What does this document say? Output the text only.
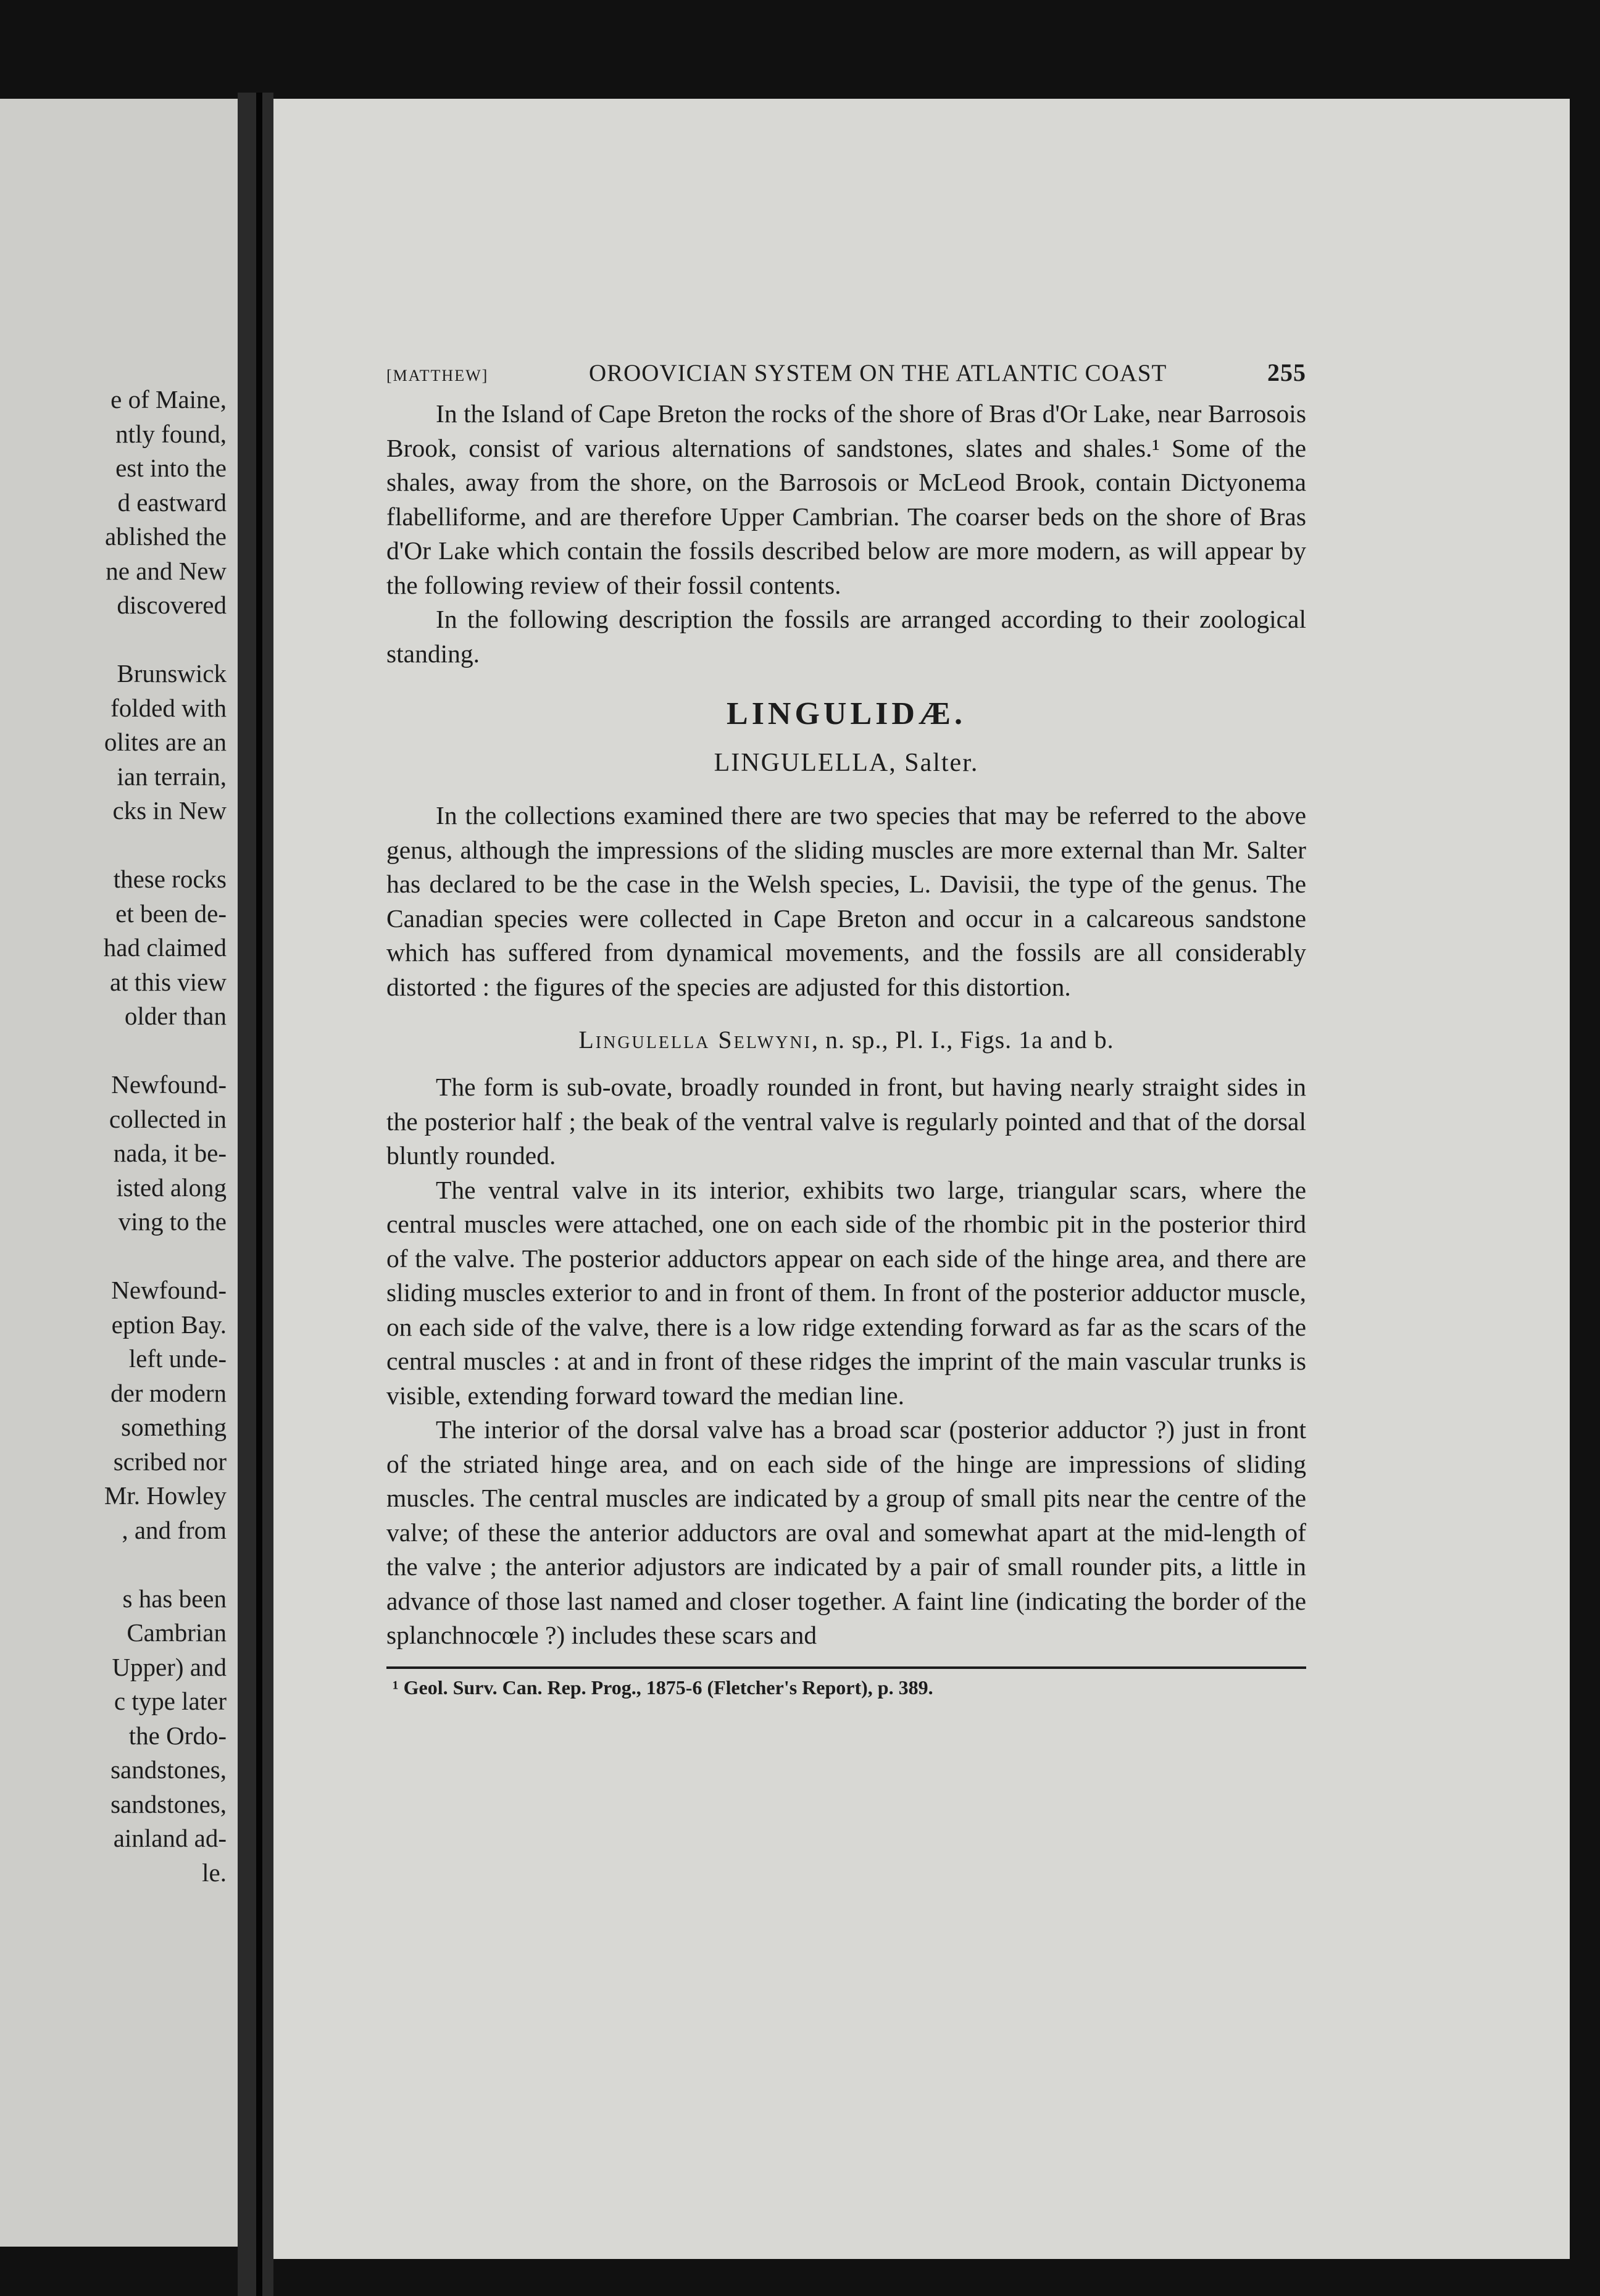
e of Maine,
ntly found,
est into the
d eastward
ablished the
ne and New
discovered
Brunswick
folded with
olites are an
ian terrain,
cks in New
these rocks
et been de-
had claimed
at this view
older than
Newfound-
collected in
nada, it be-
isted along
ving to the
Newfound-
eption Bay.
left unde-
der modern
something
scribed nor
Mr. Howley
, and from
s has been
Cambrian
Upper) and
c type later
the Ordo-
sandstones,
sandstones,
ainland ad-
le.
[MATTHEW]	OROOVICIAN SYSTEM ON THE ATLANTIC COAST	255

In the Island of Cape Breton the rocks of the shore of Bras d'Or Lake, near Barrosois Brook, consist of various alternations of sandstones, slates and shales.¹ Some of the shales, away from the shore, on the Barrosois or McLeod Brook, contain Dictyonema flabelliforme, and are therefore Upper Cambrian. The coarser beds on the shore of Bras d'Or Lake which contain the fossils described below are more modern, as will appear by the following review of their fossil contents.

In the following description the fossils are arranged according to their zoological standing.

LINGULIDÆ.
LINGULELLA, Salter.

In the collections examined there are two species that may be referred to the above genus, although the impressions of the sliding muscles are more external than Mr. Salter has declared to be the case in the Welsh species, L. Davisii, the type of the genus. The Canadian species were collected in Cape Breton and occur in a calcareous sandstone which has suffered from dynamical movements, and the fossils are all considerably distorted : the figures of the species are adjusted for this distortion.

Lingulella Selwyni, n. sp., Pl. I., Figs. 1a and b.

The form is sub-ovate, broadly rounded in front, but having nearly straight sides in the posterior half ; the beak of the ventral valve is regularly pointed and that of the dorsal bluntly rounded.

The ventral valve in its interior, exhibits two large, triangular scars, where the central muscles were attached, one on each side of the rhombic pit in the posterior third of the valve. The posterior adductors appear on each side of the hinge area, and there are sliding muscles exterior to and in front of them. In front of the posterior adductor muscle, on each side of the valve, there is a low ridge extending forward as far as the scars of the central muscles : at and in front of these ridges the imprint of the main vascular trunks is visible, extending forward toward the median line.

The interior of the dorsal valve has a broad scar (posterior adductor ?) just in front of the striated hinge area, and on each side of the hinge are impressions of sliding muscles. The central muscles are indicated by a group of small pits near the centre of the valve; of these the anterior adductors are oval and somewhat apart at the mid-length of the valve ; the anterior adjustors are indicated by a pair of small rounder pits, a little in advance of those last named and closer together. A faint line (indicating the border of the splanchnocœle ?) includes these scars and

¹ Geol. Surv. Can. Rep. Prog., 1875-6 (Fletcher's Report), p. 389.
